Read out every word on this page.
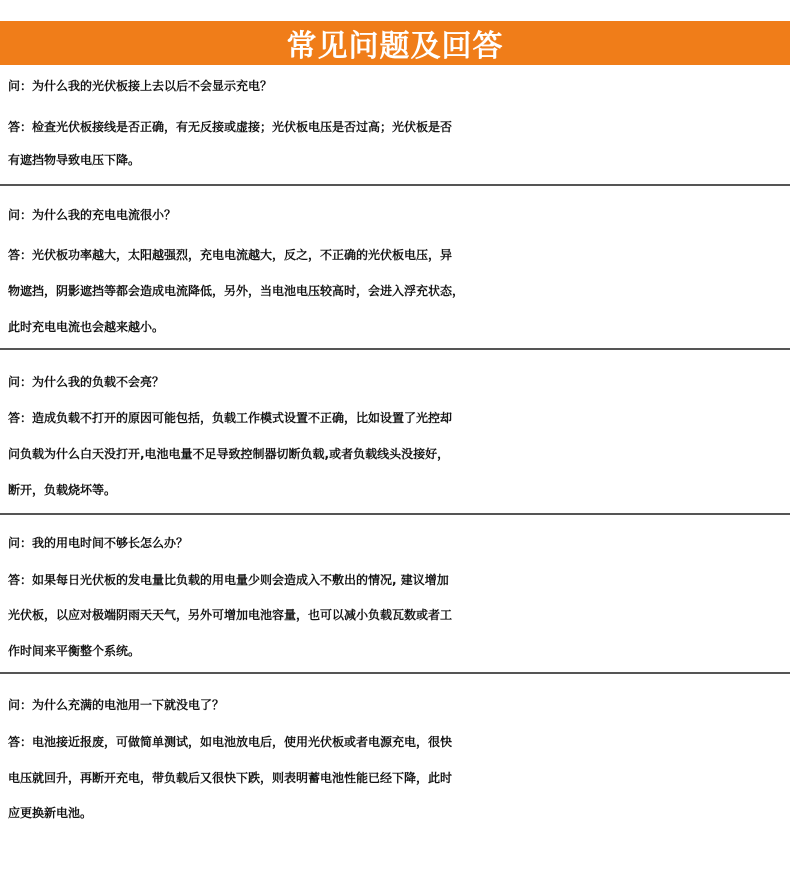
常见问题及回答
问：为什么我的光伏板接上去以后不会显示充电？
答：检查光伏板接线是否正确，有无反接或虚接；光伏板电压是否过高；光伏板是否
有遮挡物导致电压下降。
问：为什么我的充电电流很小？
答：光伏板功率越大，太阳越强烈，充电电流越大，反之，不正确的光伏板电压，异
物遮挡，阴影遮挡等都会造成电流降低，另外，当电池电压较高时，会进入浮充状态，
此时充电电流也会越来越小。
问：为什么我的负载不会亮？
答：造成负载不打开的原因可能包括，负载工作模式设置不正确，比如设置了光控却
问负载为什么白天没打开,电池电量不足导致控制器切断负载,或者负载线头没接好，
断开，负载烧坏等。
问：我的用电时间不够长怎么办？
答：如果每日光伏板的发电量比负载的用电量少则会造成入不敷出的情况, 建议增加
光伏板，以应对极端阴雨天天气，另外可增加电池容量，也可以减小负载瓦数或者工
作时间来平衡整个系统。
问：为什么充满的电池用一下就没电了？
答：电池接近报废，可做简单测试，如电池放电后，使用光伏板或者电源充电，很快
电压就回升，再断开充电，带负载后又很快下跌，则表明蓄电池性能已经下降，此时
应更换新电池。
